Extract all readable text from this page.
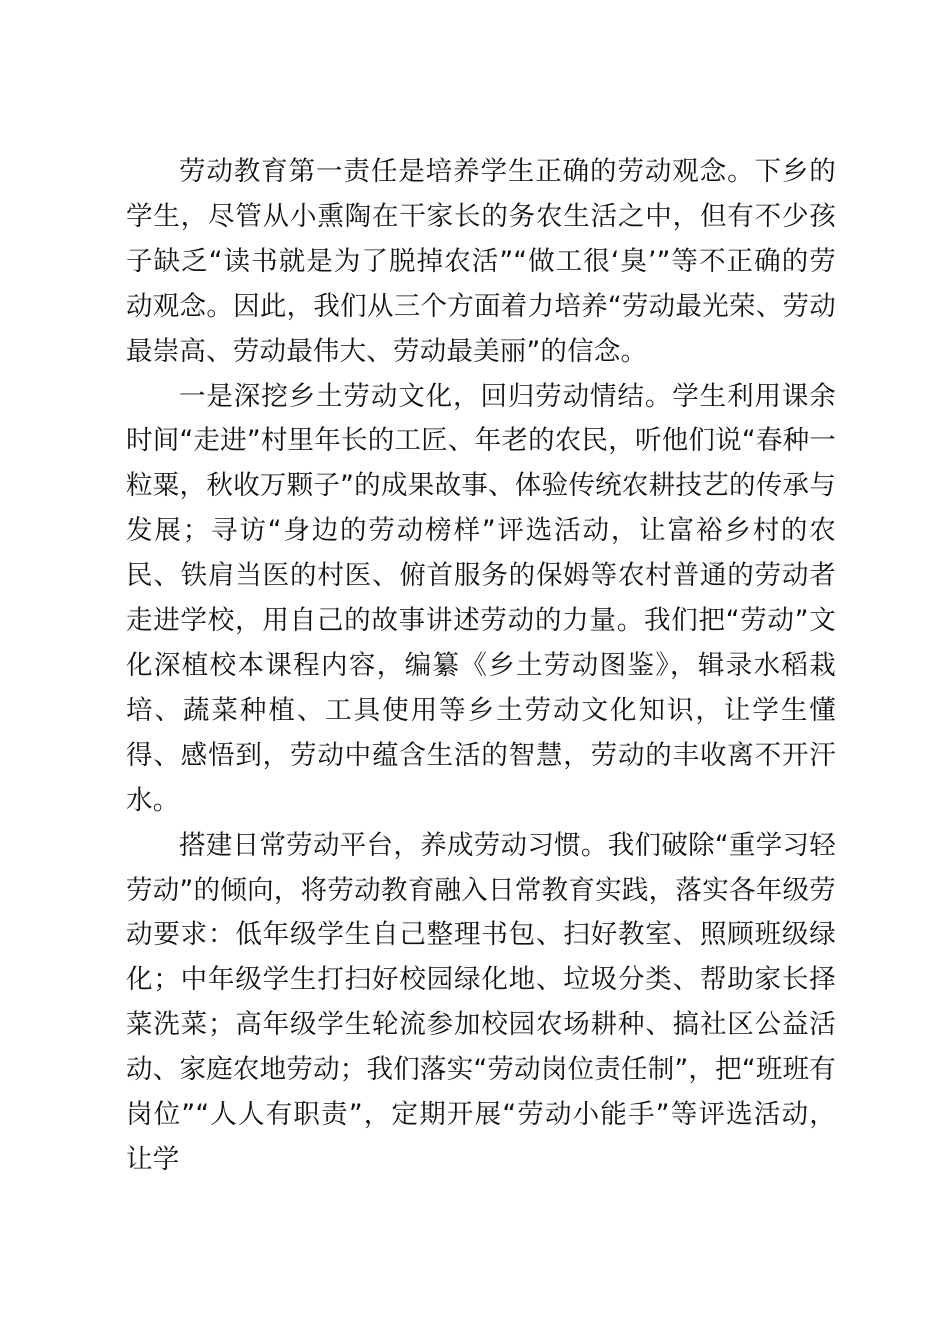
劳动教育第一责任是培养学生正确的劳动观念。下乡的学生，尽管从小熏陶在干家长的务农生活之中，但有不少孩子缺乏“读书就是为了脱掉农活”“做工很‘臭’”等不正确的劳动观念。因此，我们从三个方面着力培养“劳动最光荣、劳动最崇高、劳动最伟大、劳动最美丽”的信念。

一是深挖乡土劳动文化，回归劳动情结。学生利用课余时间“走进”村里年长的工匠、年老的农民，听他们说“春种一粒粟，秋收万颗子”的成果故事、体验传统农耕技艺的传承与发展；寻访“身边的劳动榜样”评选活动，让富裕乡村的农民、铁肩当医的村医、俯首服务的保姆等农村普通的劳动者走进学校，用自己的故事讲述劳动的力量。我们把“劳动”文化深植校本课程内容，编纂《乡土劳动图鉴》，辑录水稻栽培、蔬菜种植、工具使用等乡土劳动文化知识，让学生懂得、感悟到，劳动中蕴含生活的智慧，劳动的丰收离不开汗水。

搭建日常劳动平台，养成劳动习惯。我们破除“重学习轻劳动”的倾向，将劳动教育融入日常教育实践，落实各年级劳动要求：低年级学生自己整理书包、扫好教室、照顾班级绿化；中年级学生打扫好校园绿化地、垃圾分类、帮助家长择菜洗菜；高年级学生轮流参加校园农场耕种、搞社区公益活动、家庭农地劳动；我们落实“劳动岗位责任制”，把“班班有岗位”“人人有职责”，定期开展“劳动小能手”等评选活动，让学
